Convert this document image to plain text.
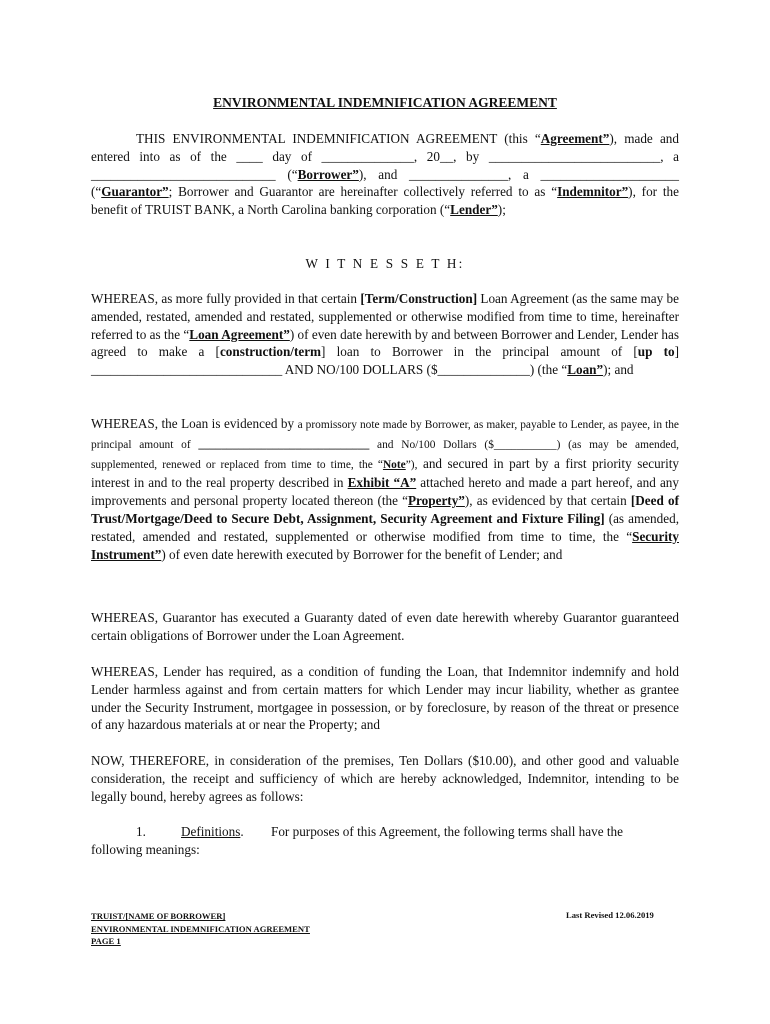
ENVIRONMENTAL INDEMNIFICATION AGREEMENT
THIS ENVIRONMENTAL INDEMNIFICATION AGREEMENT (this “Agreement”), made and entered into as of the ____ day of ______________, 20__, by __________________________, a ____________________________ (“Borrower”), and _______________, a _____________________ (“Guarantor”; Borrower and Guarantor are hereinafter collectively referred to as “Indemnitor”), for the benefit of TRUIST BANK, a North Carolina banking corporation (“Lender”);
W I T N E S S E T H:
WHEREAS, as more fully provided in that certain [Term/Construction] Loan Agreement (as the same may be amended, restated, amended and restated, supplemented or otherwise modified from time to time, hereinafter referred to as the “Loan Agreement”) of even date herewith by and between Borrower and Lender, Lender has agreed to make a [construction/term] loan to Borrower in the principal amount of [up to] _____________________________ AND NO/100 DOLLARS ($______________) (the “Loan”); and
WHEREAS, the Loan is evidenced by a promissory note made by Borrower, as maker, payable to Lender, as payee, in the principal amount of ______________________________ and No/100 Dollars ($___________) (as may be amended, supplemented, renewed or replaced from time to time, the “Note”), and secured in part by a first priority security interest in and to the real property described in Exhibit “A” attached hereto and made a part hereof, and any improvements and personal property located thereon (the “Property”), as evidenced by that certain [Deed of Trust/Mortgage/Deed to Secure Debt, Assignment, Security Agreement and Fixture Filing] (as amended, restated, amended and restated, supplemented or otherwise modified from time to time, the “Security Instrument”) of even date herewith executed by Borrower for the benefit of Lender; and
WHEREAS, Guarantor has executed a Guaranty dated of even date herewith whereby Guarantor guaranteed certain obligations of Borrower under the Loan Agreement.
WHEREAS, Lender has required, as a condition of funding the Loan, that Indemnitor indemnify and hold Lender harmless against and from certain matters for which Lender may incur liability, whether as grantee under the Security Instrument, mortgagee in possession, or by foreclosure, by reason of the threat or presence of any hazardous materials at or near the Property; and
NOW, THEREFORE, in consideration of the premises, Ten Dollars ($10.00), and other good and valuable consideration, the receipt and sufficiency of which are hereby acknowledged, Indemnitor, intending to be legally bound, hereby agrees as follows:
1.	Definitions. For purposes of this Agreement, the following terms shall have the
following meanings:
TRUIST/[NAME OF BORROWER]
ENVIRONMENTAL INDEMNIFICATION AGREEMENT
PAGE 1
Last Revised 12.06.2019
